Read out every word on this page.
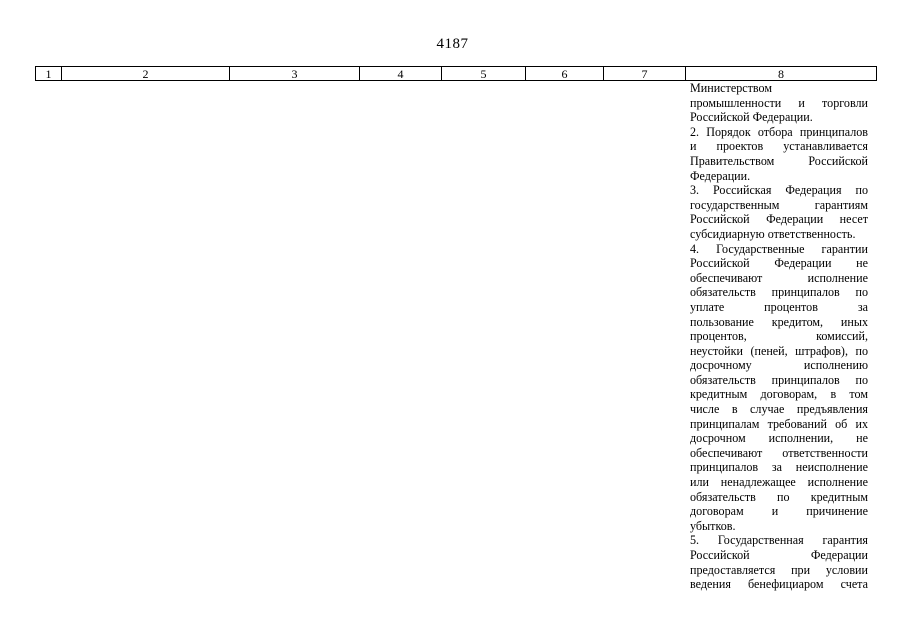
4187
1	2	3	4	5	6	7	8

Министерством

промышленности и торговли

Российской Федерации.

2. Порядок отбора принципалов

и проектов устанавливается

Правительством Российской

Федерации.

3. Российская Федерация по

государственным гарантиям

Российской Федерации несет

субсидиарную ответственность.

4. Государственные гарантии

Российской Федерации не

обеспечивают исполнение

обязательств принципалов по

уплате процентов за

пользование кредитом, иных

процентов, комиссий,

неустойки (пеней, штрафов), по

досрочному исполнению

обязательств принципалов по

кредитным договорам, в том

числе в случае предъявления

принципалам требований об их

досрочном исполнении, не

обеспечивают ответственности

принципалов за неисполнение

или ненадлежащее исполнение

обязательств по кредитным

договорам и причинение

убытков.

5. Государственная гарантия

Российской Федерации

предоставляется при условии

ведения бенефициаром счета
